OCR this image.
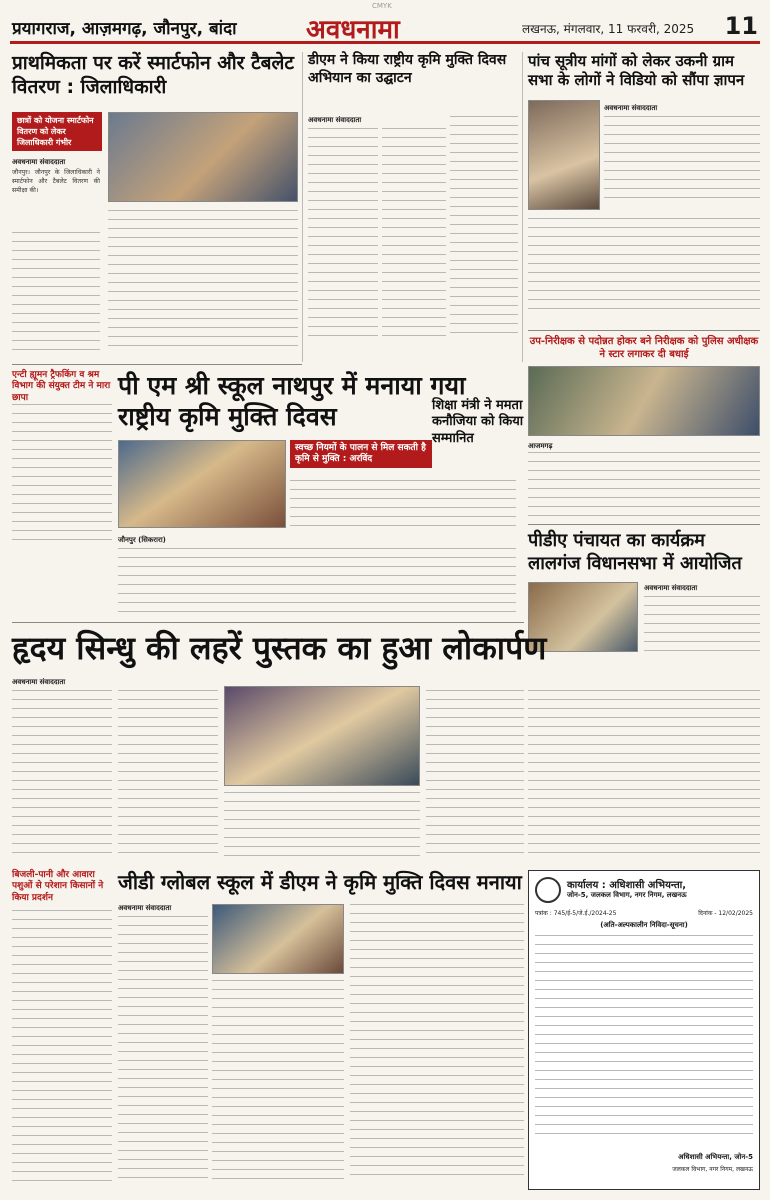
CMYK
प्रयागराज, आज़मगढ़, जौनपुर, बांदा	अवधनामा	लखनऊ, मंगलवार, 11 फरवरी, 2025 11
प्राथमिकता पर करें स्मार्टफोन और टैबलेट वितरण : जिलाधिकारी
छात्रों को योजना स्मार्टफोन वितरण को लेकर जिलाधिकारी गंभीर
अवधनामा संवाददाता
जौनपुर। जौनपुर के जिलाधिकारी ने स्मार्टफोन और टैबलेट वितरण की समीक्षा की।
डीएम ने किया राष्ट्रीय कृमि मुक्ति दिवस अभियान का उद्घाटन
अवधनामा संवाददाता
पांच सूत्रीय मांगों को लेकर उकनी ग्राम सभा के लोगों ने विडियो को सौंपा ज्ञापन
अवधनामा संवाददाता
उप-निरीक्षक से पदोन्नत होकर बने निरीक्षक को पुलिस अधीक्षक ने स्टार लगाकर दी बधाई
आजमगढ़
एन्टी ह्यूमन ट्रैफकिंग व श्रम विभाग की संयुक्त टीम ने मारा छापा	पी एम श्री स्कूल नाथपुर में मनाया गया राष्ट्रीय कृमि मुक्ति दिवस
स्वच्छ नियमों के पालन से मिल सकती है कृमि से मुक्ति : अरविंद
जौनपुर (सिकरारा)
शिक्षा मंत्री ने ममता कनौजिया को किया सम्मानित
पीडीए पंचायत का कार्यक्रम लालगंज विधानसभा में आयोजित
अवधनामा संवाददाता
हृदय सिन्धु की लहरें पुस्तक का हुआ लोकार्पण
अवधनामा संवाददाता
बिजली-पानी और आवारा पशुओं से परेशान किसानों ने किया प्रदर्शन
जीडी ग्लोबल स्कूल में डीएम ने कृमि मुक्ति दिवस मनाया
अवधनामा संवाददाता
कार्यालय : अधिशासी अभियन्ता,
जोन-5, जलकल विभाग, नगर निगम, लखनऊ
पत्रांक : 745/ई-5/जे.ई./2024-25	दिनांक - 12/02/2025
(अति-अल्पकालीन निविदा-सूचना)
अधिशासी अभियन्ता, जोन-5
जलकल विभाग, नगर निगम, लखनऊ
